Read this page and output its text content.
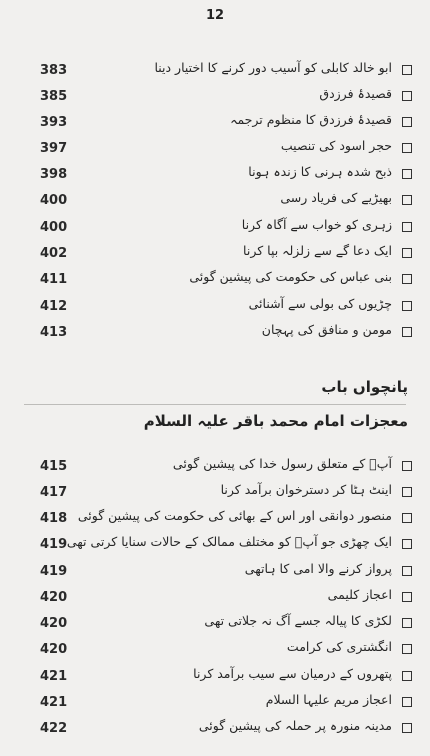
12
383	ابو خالد کابلی کو آسیب دور کرنے کا اختیار دینا
385	قصیدۂ فرزدق
393	قصیدۂ فرزدق کا منظوم ترجمہ
397	حجر اسود کی تنصیب
398	ذبح شدہ ہرنی کا زندہ ہونا
400	بھیڑیے کی فریاد رسی
400	زہری کو خواب سے آگاہ کرنا
402	ایک دعا گے سے زلزلہ بپا کرنا
411	بنی عباس کی حکومت کی پیشین گوئی
412	چڑیوں کی بولی سے آشنائی
413	مومن و منافق کی پہچان
پانچواں باب
معجزات امام محمد باقر علیہ السلام
415	آپؑ کے متعلق رسول خدا کی پیشین گوئی
417	اینٹ ہٹا کر دسترخوان برآمد کرنا
418 منصور دوانقی اور اس کے بھائی کی حکومت کی پیشین گوئی
419 ایک چھڑی جو آپؑ کو مختلف ممالک کے حالات سنایا کرتی تھی
419	پرواز کرنے والا امی کا ہاتھی
420	اعجاز کلیمی
420	لکڑی کا پیالہ جسے آگ نہ جلاتی تھی
420	انگشتری کی کرامت
421	پتھروں کے درمیان سے سیب برآمد کرنا
421	اعجاز مریم علیہا السلام
422	مدینہ منورہ پر حملہ کی پیشین گوئی
